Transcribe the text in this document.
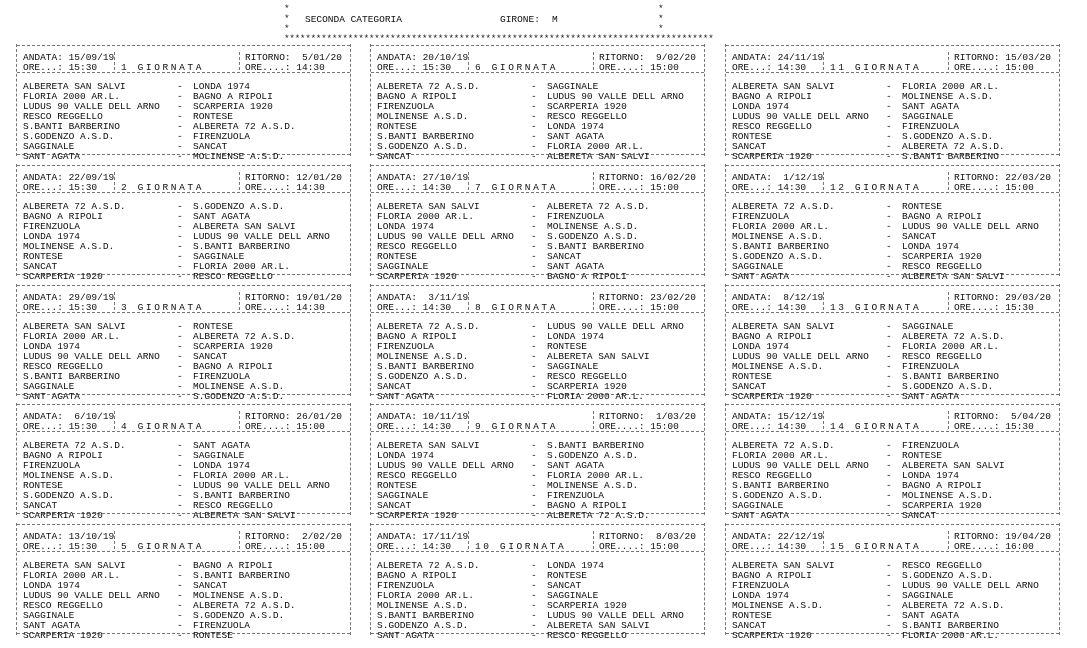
*	*
* SECONDA CATEGORIA	GIRONE: M	*
*	*
*********************************************************************************
ANDATA: 15/09/19
ORE...: 15:30	1 GIORNATA
RITORNO:  5/01/20
ORE....: 14:30
ALBERETA SAN SALVI	- LONDA 1974
FLORIA 2000 AR.L.	- BAGNO A RIPOLI
LUDUS 90 VALLE DELL ARNO - SCARPERIA 1920
RESCO REGGELLO	- RONTESE
S.BANTI BARBERINO	- ALBERETA 72 A.S.D.
S.GODENZO A.S.D.	- FIRENZUOLA
SAGGINALE	- SANCAT
SANT AGATA	- MOLINENSE A.S.D.
ANDATA: 22/09/19
ORE...: 15:30	2 GIORNATA
RITORNO: 12/01/20
ORE....: 14:30
ALBERETA 72 A.S.D.	- S.GODENZO A.S.D.
BAGNO A RIPOLI	- SANT AGATA
FIRENZUOLA	- ALBERETA SAN SALVI
LONDA 1974	- LUDUS 90 VALLE DELL ARNO
MOLINENSE A.S.D.	- S.BANTI BARBERINO
RONTESE	- SAGGINALE
SANCAT	- FLORIA 2000 AR.L.
SCARPERIA 1920	- RESCO REGGELLO
ANDATA: 29/09/19
ORE...: 15:30	3 GIORNATA
RITORNO: 19/01/20
ORE....: 14:30
ALBERETA SAN SALVI	- RONTESE
FLORIA 2000 AR.L.	- ALBERETA 72 A.S.D.
LONDA 1974	- SCARPERIA 1920
LUDUS 90 VALLE DELL ARNO - SANCAT
RESCO REGGELLO	- BAGNO A RIPOLI
S.BANTI BARBERINO	- FIRENZUOLA
SAGGINALE	- MOLINENSE A.S.D.
SANT AGATA	- S.GODENZO A.S.D.
ANDATA:  6/10/19
ORE...: 15:30	4 GIORNATA
RITORNO: 26/01/20
ORE....: 15:00
ALBERETA 72 A.S.D.	- SANT AGATA
BAGNO A RIPOLI	- SAGGINALE
FIRENZUOLA	- LONDA 1974
MOLINENSE A.S.D.	- FLORIA 2000 AR.L.
RONTESE	- LUDUS 90 VALLE DELL ARNO
S.GODENZO A.S.D.	- S.BANTI BARBERINO
SANCAT	- RESCO REGGELLO
SCARPERIA 1920	- ALBERETA SAN SALVI
ANDATA: 13/10/19
ORE...: 15:30	5 GIORNATA
RITORNO:  2/02/20
ORE....: 15:00
ALBERETA SAN SALVI	- BAGNO A RIPOLI
FLORIA 2000 AR.L.	- S.BANTI BARBERINO
LONDA 1974	- SANCAT
LUDUS 90 VALLE DELL ARNO - MOLINENSE A.S.D.
RESCO REGGELLO	- ALBERETA 72 A.S.D.
SAGGINALE	- S.GODENZO A.S.D.
SANT AGATA	- FIRENZUOLA
SCARPERIA 1920	- RONTESE
ANDATA: 20/10/19
ORE...: 15:30	6 GIORNATA
RITORNO:  9/02/20
ORE....: 15:00
ALBERETA 72 A.S.D.	- SAGGINALE
BAGNO A RIPOLI	- LUDUS 90 VALLE DELL ARNO
FIRENZUOLA	- SCARPERIA 1920
MOLINENSE A.S.D.	- RESCO REGGELLO
RONTESE	- LONDA 1974
S.BANTI BARBERINO	- SANT AGATA
S.GODENZO A.S.D.	- FLORIA 2000 AR.L.
SANCAT	- ALBERETA SAN SALVI
ANDATA: 27/10/19
ORE...: 14:30	7 GIORNATA
RITORNO: 16/02/20
ORE....: 15:00
ALBERETA SAN SALVI	- ALBERETA 72 A.S.D.
FLORIA 2000 AR.L.	- FIRENZUOLA
LONDA 1974	- MOLINENSE A.S.D.
LUDUS 90 VALLE DELL ARNO - S.GODENZO A.S.D.
RESCO REGGELLO	- S.BANTI BARBERINO
RONTESE	- SANCAT
SAGGINALE	- SANT AGATA
SCARPERIA 1920	- BAGNO A RIPOLI
ANDATA:  3/11/19
ORE...: 14:30	8 GIORNATA
RITORNO: 23/02/20
ORE....: 15:00
ALBERETA 72 A.S.D.	- LUDUS 90 VALLE DELL ARNO
BAGNO A RIPOLI	- LONDA 1974
FIRENZUOLA	- RONTESE
MOLINENSE A.S.D.	- ALBERETA SAN SALVI
S.BANTI BARBERINO	- SAGGINALE
S.GODENZO A.S.D.	- RESCO REGGELLO
SANCAT	- SCARPERIA 1920
SANT AGATA	- FLORIA 2000 AR.L.
ANDATA: 10/11/19
ORE...: 14:30	9 GIORNATA
RITORNO:  1/03/20
ORE....: 15:00
ALBERETA SAN SALVI	- S.BANTI BARBERINO
LONDA 1974	- S.GODENZO A.S.D.
LUDUS 90 VALLE DELL ARNO - SANT AGATA
RESCO REGGELLO	- FLORIA 2000 AR.L.
RONTESE	- MOLINENSE A.S.D.
SAGGINALE	- FIRENZUOLA
SANCAT	- BAGNO A RIPOLI
SCARPERIA 1920	- ALBERETA 72 A.S.D.
ANDATA: 17/11/19
ORE...: 14:30	10 GIORNATA
RITORNO:  8/03/20
ORE....: 15:00
ALBERETA 72 A.S.D.	- LONDA 1974
BAGNO A RIPOLI	- RONTESE
FIRENZUOLA	- SANCAT
FLORIA 2000 AR.L.	- SAGGINALE
MOLINENSE A.S.D.	- SCARPERIA 1920
S.BANTI BARBERINO	- LUDUS 90 VALLE DELL ARNO
S.GODENZO A.S.D.	- ALBERETA SAN SALVI
SANT AGATA	- RESCO REGGELLO
ANDATA: 24/11/19
ORE...: 14:30	11 GIORNATA
RITORNO: 15/03/20
ORE....: 15:00
ALBERETA SAN SALVI	- FLORIA 2000 AR.L.
BAGNO A RIPOLI	- MOLINENSE A.S.D.
LONDA 1974	- SANT AGATA
LUDUS 90 VALLE DELL ARNO - SAGGINALE
RESCO REGGELLO	- FIRENZUOLA
RONTESE	- S.GODENZO A.S.D.
SANCAT	- ALBERETA 72 A.S.D.
SCARPERIA 1920	- S.BANTI BARBERINO
ANDATA:  1/12/19
ORE...: 14:30	12 GIORNATA
RITORNO: 22/03/20
ORE....: 15:00
ALBERETA 72 A.S.D.	- RONTESE
FIRENZUOLA	- BAGNO A RIPOLI
FLORIA 2000 AR.L.	- LUDUS 90 VALLE DELL ARNO
MOLINENSE A.S.D.	- SANCAT
S.BANTI BARBERINO	- LONDA 1974
S.GODENZO A.S.D.	- SCARPERIA 1920
SAGGINALE	- RESCO REGGELLO
SANT AGATA	- ALBERETA SAN SALVI
ANDATA:  8/12/19
ORE...: 14:30	13 GIORNATA
RITORNO: 29/03/20
ORE....: 15:30
ALBERETA SAN SALVI	- SAGGINALE
BAGNO A RIPOLI	- ALBERETA 72 A.S.D.
LONDA 1974	- FLORIA 2000 AR.L.
LUDUS 90 VALLE DELL ARNO - RESCO REGGELLO
MOLINENSE A.S.D.	- FIRENZUOLA
RONTESE	- S.BANTI BARBERINO
SANCAT	- S.GODENZO A.S.D.
SCARPERIA 1920	- SANT AGATA
ANDATA: 15/12/19
ORE...: 14:30	14 GIORNATA
RITORNO:  5/04/20
ORE....: 15:30
ALBERETA 72 A.S.D.	- FIRENZUOLA
FLORIA 2000 AR.L.	- RONTESE
LUDUS 90 VALLE DELL ARNO - ALBERETA SAN SALVI
RESCO REGGELLO	- LONDA 1974
S.BANTI BARBERINO	- BAGNO A RIPOLI
S.GODENZO A.S.D.	- MOLINENSE A.S.D.
SAGGINALE	- SCARPERIA 1920
SANT AGATA	- SANCAT
ANDATA: 22/12/19
ORE...: 14:30	15 GIORNATA
RITORNO: 19/04/20
ORE....: 16:00
ALBERETA SAN SALVI	- RESCO REGGELLO
BAGNO A RIPOLI	- S.GODENZO A.S.D.
FIRENZUOLA	- LUDUS 90 VALLE DELL ARNO
LONDA 1974	- SAGGINALE
MOLINENSE A.S.D.	- ALBERETA 72 A.S.D.
RONTESE	- SANT AGATA
SANCAT	- S.BANTI BARBERINO
SCARPERIA 1920	- FLORIA 2000 AR.L.
